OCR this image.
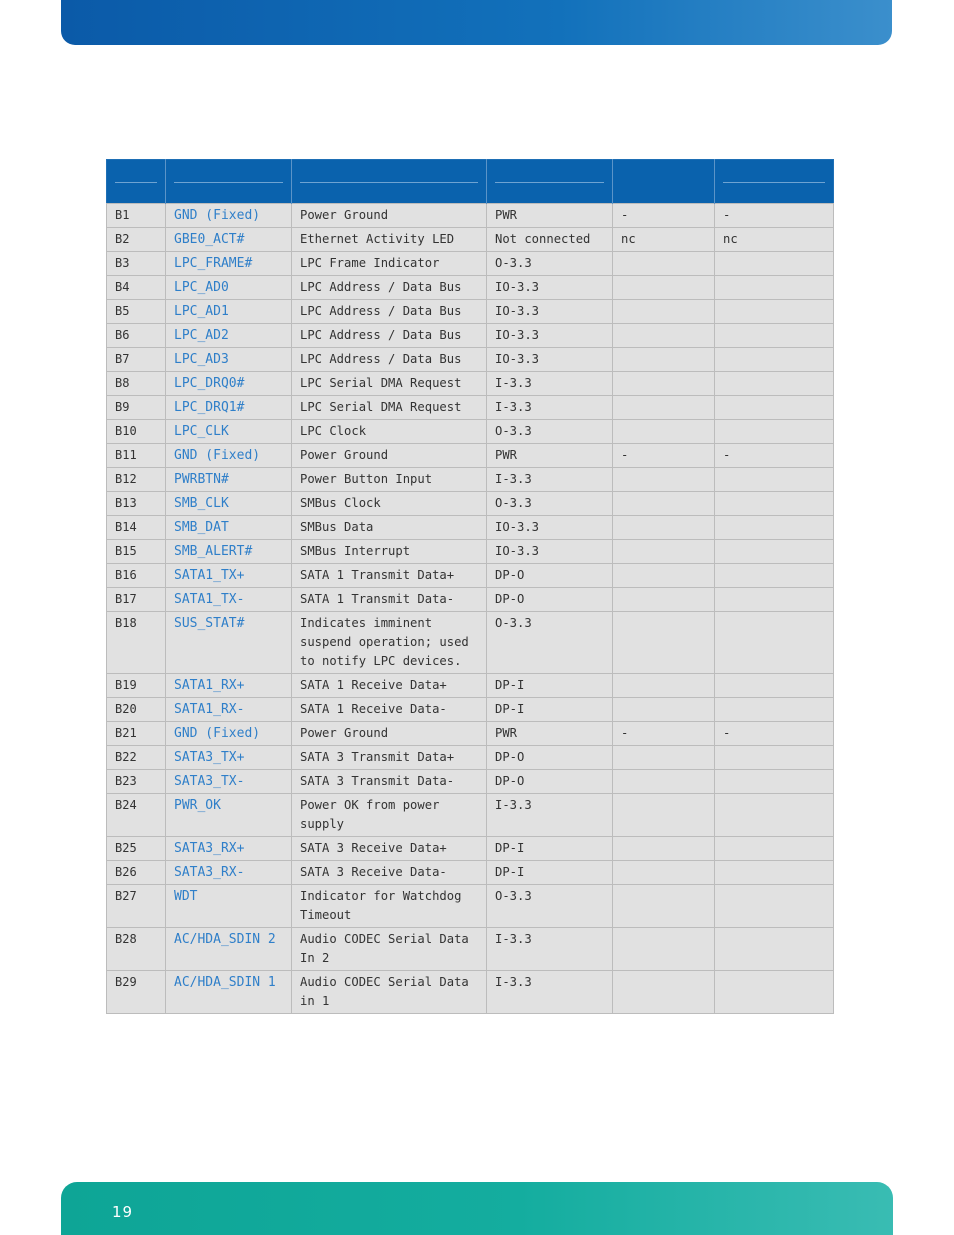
B1	GND (Fixed)	Power Ground	PWR	-	-
B2	GBE0_ACT#	Ethernet Activity LED	Not connected	nc	nc
B3	LPC_FRAME#	LPC Frame Indicator	O-3.3		
B4	LPC_AD0	LPC Address / Data Bus	IO-3.3		
B5	LPC_AD1	LPC Address / Data Bus	IO-3.3		
B6	LPC_AD2	LPC Address / Data Bus	IO-3.3		
B7	LPC_AD3	LPC Address / Data Bus	IO-3.3		
B8	LPC_DRQ0#	LPC Serial DMA Request	I-3.3		
B9	LPC_DRQ1#	LPC Serial DMA Request	I-3.3		
B10	LPC_CLK	LPC Clock	O-3.3		
B11	GND (Fixed)	Power Ground	PWR	-	-
B12	PWRBTN#	Power Button Input	I-3.3		
B13	SMB_CLK	SMBus Clock	O-3.3		
B14	SMB_DAT	SMBus Data	IO-3.3		
B15	SMB_ALERT#	SMBus Interrupt	IO-3.3		
B16	SATA1_TX+	SATA 1 Transmit Data+	DP-O		
B17	SATA1_TX-	SATA 1 Transmit Data-	DP-O		
B18	SUS_STAT#	Indicates imminent suspend operation; used to notify LPC devices.	O-3.3		
B19	SATA1_RX+	SATA 1 Receive Data+	DP-I		
B20	SATA1_RX-	SATA 1 Receive Data-	DP-I		
B21	GND (Fixed)	Power Ground	PWR	-	-
B22	SATA3_TX+	SATA 3 Transmit Data+	DP-O		
B23	SATA3_TX-	SATA 3 Transmit Data-	DP-O		
B24	PWR_OK	Power OK from power supply	I-3.3		
B25	SATA3_RX+	SATA 3 Receive Data+	DP-I		
B26	SATA3_RX-	SATA 3 Receive Data-	DP-I		
B27	WDT	Indicator for Watchdog Timeout	O-3.3		
B28	AC/HDA_SDIN 2	Audio CODEC Serial Data In 2	I-3.3		
B29	AC/HDA_SDIN 1	Audio CODEC Serial Data in 1	I-3.3		
19
